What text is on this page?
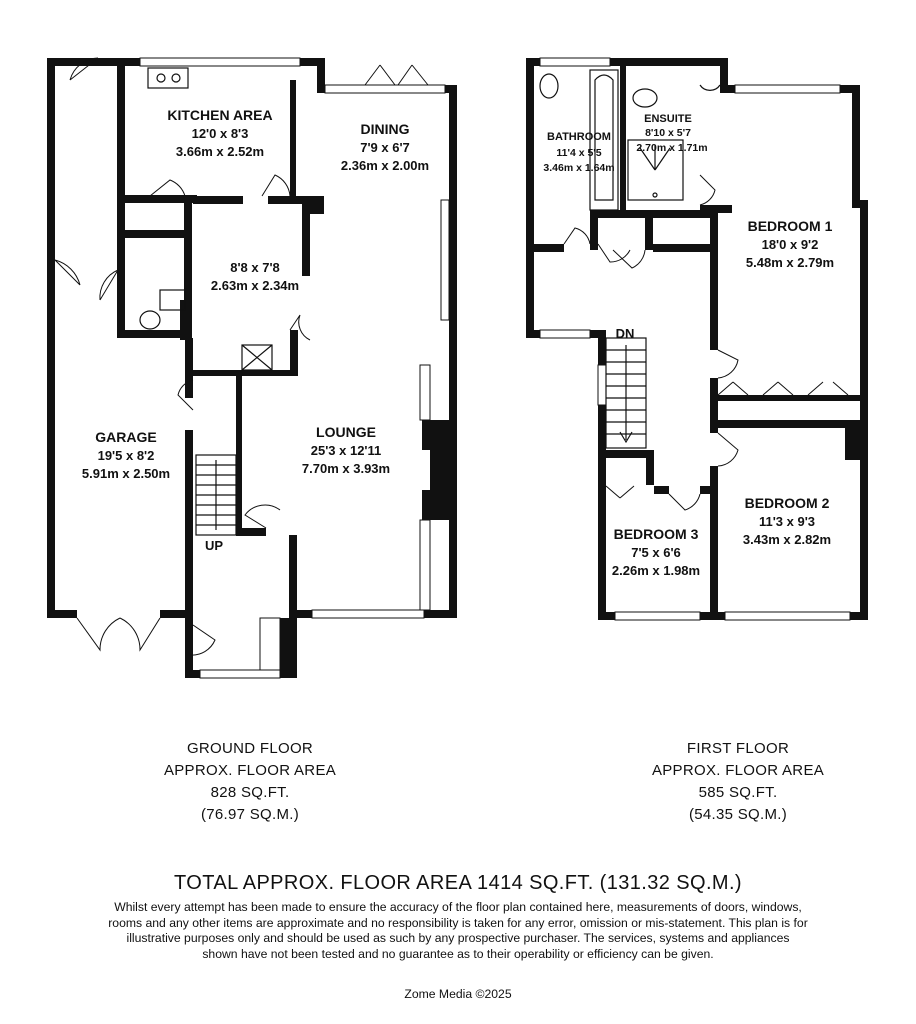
KITCHEN AREA
12'0 x 8'3
3.66m x 2.52m
DINING
7'9 x 6'7
2.36m x 2.00m
8'8 x 7'8
2.63m x 2.34m
LOUNGE
25'3 x 12'11
7.70m x 3.93m
GARAGE
19'5 x 8'2
5.91m x 2.50m
UP
BATHROOM
11'4 x 5'5
3.46m x 1.64m
ENSUITE
8'10 x 5'7
2.70m x 1.71m
BEDROOM 1
18'0 x 9'2
5.48m x 2.79m
BEDROOM 2
11'3 x 9'3
3.43m x 2.82m
BEDROOM 3
7'5 x 6'6
2.26m x 1.98m
DN
GROUND FLOOR
APPROX. FLOOR AREA
828 SQ.FT.
(76.97 SQ.M.)
FIRST FLOOR
APPROX. FLOOR AREA
585 SQ.FT.
(54.35 SQ.M.)
TOTAL APPROX. FLOOR AREA 1414 SQ.FT. (131.32 SQ.M.)
Whilst every attempt has been made to ensure the accuracy of the floor plan contained here, measurements of doors, windows, rooms and any other items are approximate and no responsibility is taken for any error, omission or mis-statement. This plan is for illustrative purposes only and should be used as such by any prospective purchaser. The services, systems and appliances shown have not been tested and no guarantee as to their operability or efficiency can be given.
Zome Media ©2025
